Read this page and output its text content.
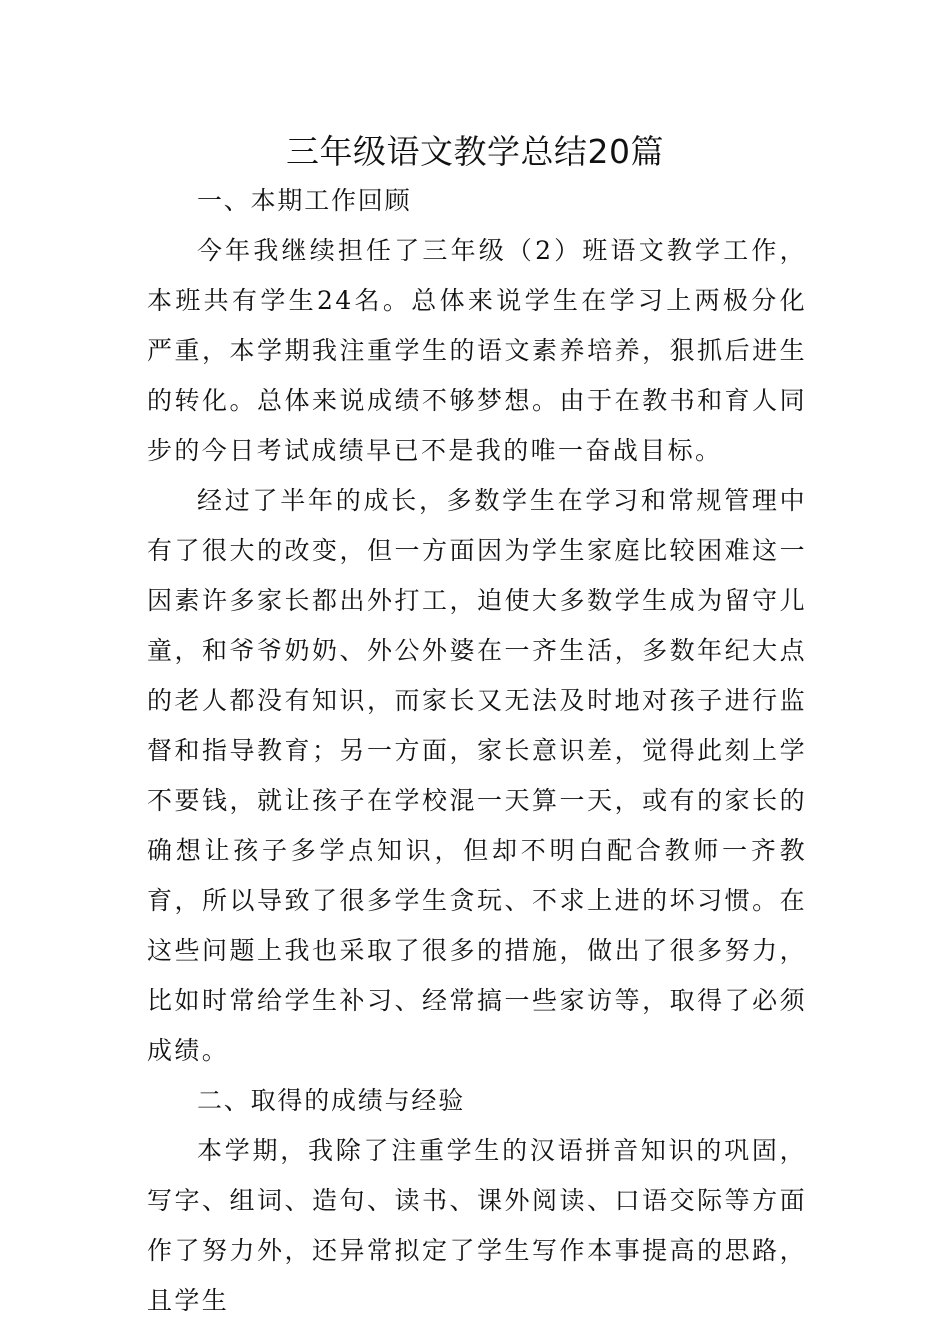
三年级语文教学总结20篇

一、本期工作回顾

今年我继续担任了三年级（2）班语文教学工作，本班共有学生24名。总体来说学生在学习上两极分化严重，本学期我注重学生的语文素养培养，狠抓后进生的转化。总体来说成绩不够梦想。由于在教书和育人同步的今日考试成绩早已不是我的唯一奋战目标。

经过了半年的成长，多数学生在学习和常规管理中有了很大的改变，但一方面因为学生家庭比较困难这一因素许多家长都出外打工，迫使大多数学生成为留守儿童，和爷爷奶奶、外公外婆在一齐生活，多数年纪大点的老人都没有知识，而家长又无法及时地对孩子进行监督和指导教育；另一方面，家长意识差，觉得此刻上学不要钱，就让孩子在学校混一天算一天，或有的家长的确想让孩子多学点知识，但却不明白配合教师一齐教育，所以导致了很多学生贪玩、不求上进的坏习惯。在这些问题上我也采取了很多的措施，做出了很多努力，比如时常给学生补习、经常搞一些家访等，取得了必须成绩。

二、取得的成绩与经验

本学期，我除了注重学生的汉语拼音知识的巩固，写字、组词、造句、读书、课外阅读、口语交际等方面作了努力外，还异常拟定了学生写作本事提高的思路，且学生
